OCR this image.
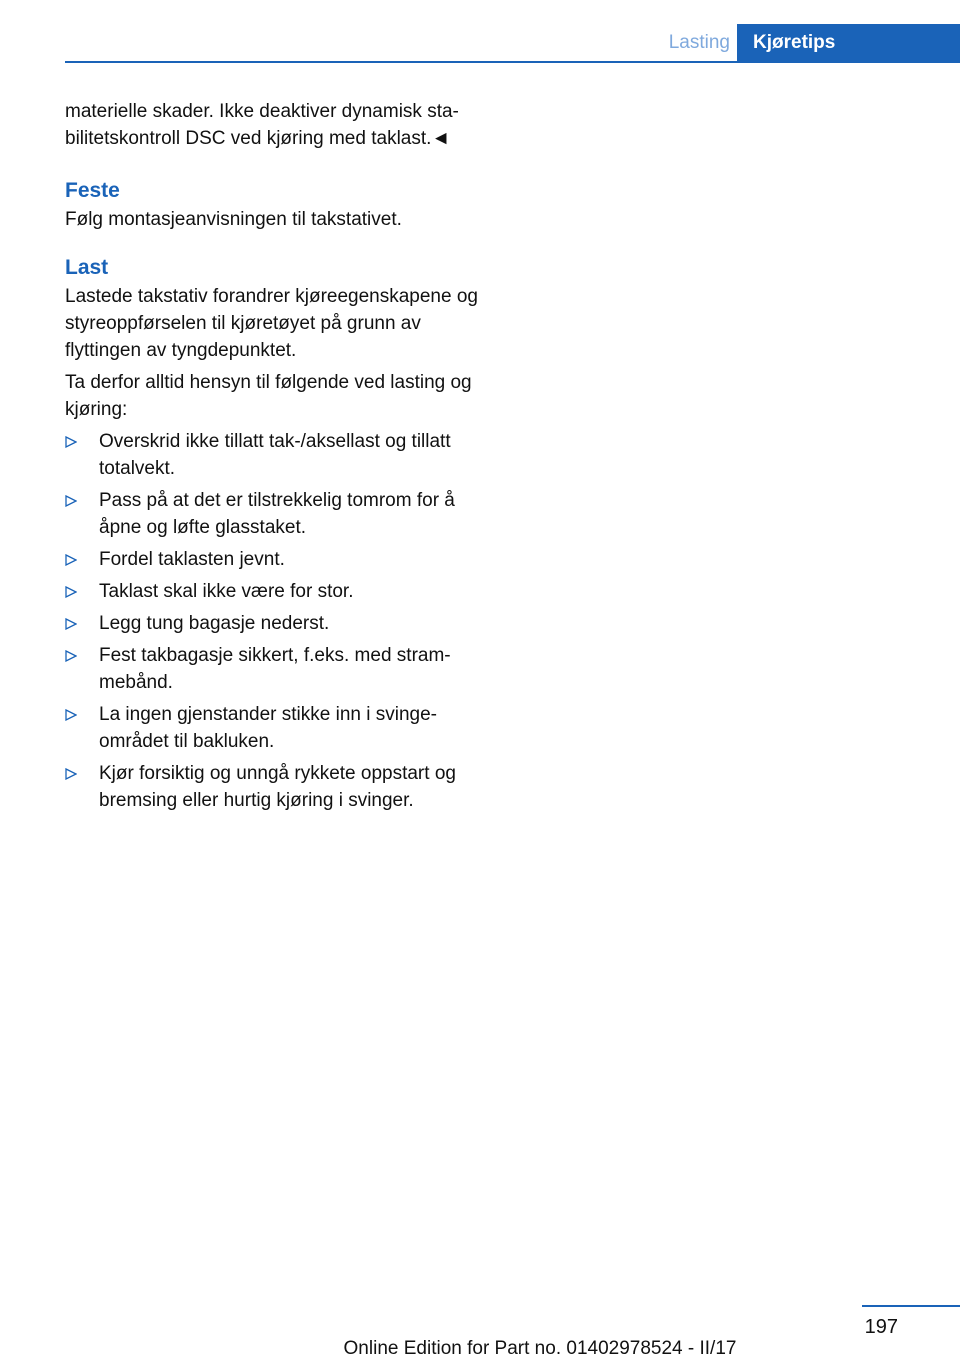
Lasting	Kjøretips

materielle skader. Ikke deaktiver dynamisk sta-bilitetskontroll DSC ved kjøring med taklast.◄

Feste

Følg montasjeanvisningen til takstativet.

Last

Lastede takstativ forandrer kjøreegenskapene og styreoppførselen til kjøretøyet på grunn av flyttingen av tyngdepunktet.

Ta derfor alltid hensyn til følgende ved lasting og kjøring:

Overskrid ikke tillatt tak-/aksellast og tillatt totalvekt.
Pass på at det er tilstrekkelig tomrom for å åpne og løfte glasstaket.
Fordel taklasten jevnt.
Taklast skal ikke være for stor.
Legg tung bagasje nederst.
Fest takbagasje sikkert, f.eks. med stram-mebånd.
La ingen gjenstander stikke inn i svinge-området til bakluken.
Kjør forsiktig og unngå rykkete oppstart og bremsing eller hurtig kjøring i svinger.
197
Online Edition for Part no. 01402978524 - II/17
